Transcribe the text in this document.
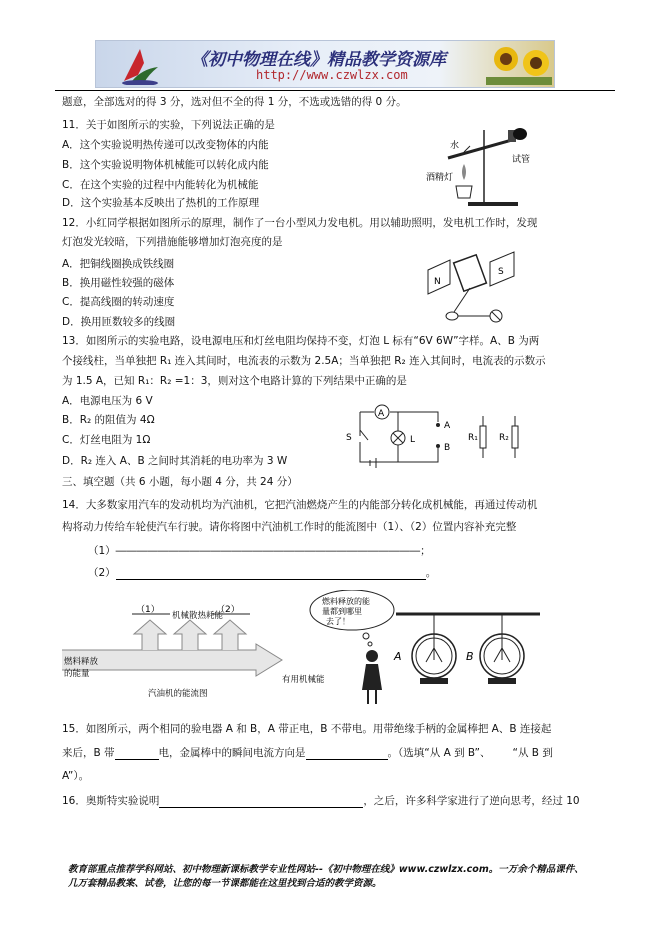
《初中物理在线》精品教学资源库
http://www.czwlzx.com
题意，全部选对的得 3 分，选对但不全的得 1 分，不选或选错的得 0 分。
11．关于如图所示的实验，下列说法正确的是
A．这个实验说明热传递可以改变物体的内能
B．这个实验说明物体机械能可以转化成内能
C．在这个实验的过程中内能转化为机械能
D．这个实验基本反映出了热机的工作原理
12．小红同学根据如图所示的原理，制作了一台小型风力发电机。用以辅助照明，发电机工作时，发现
灯泡发光较暗，下列措施能够增加灯泡亮度的是
A．把铜线圈换成铁线圈
B．换用磁性较强的磁体
C．提高线圈的转动速度
D．换用匝数较多的线圈
13．如图所示的实验电路，设电源电压和灯丝电阻均保持不变，灯泡 L 标有“6V 6W”字样。A、B 为两
个接线柱，当单独把 R₁ 连入其间时，电流表的示数为 2.5A；当单独把 R₂ 连入其间时，电流表的示数示
为 1.5 A，已知 R₁：R₂ =1：3，则对这个电路计算的下列结果中正确的是
A．电源电压为 6 V
B．R₂ 的阻值为 4Ω
C．灯丝电阻为 1Ω
D．R₂ 连入 A、B 之间时其消耗的电功率为 3 W
三、填空题（共 6 小题，每小题 4 分，共 24 分）
14．大多数家用汽车的发动机均为汽油机，它把汽油燃烧产生的内能部分转化成机械能，再通过传动机
构将动力传给车轮使汽车行驶。请你将图中汽油机工作时的能流图中（1）、（2）位置内容补充完整
（1）―――――――――――――――――――――――――――――；
（2）	。
15．如图所示，两个相同的验电器 A 和 B，A 带正电，B 不带电。用带绝缘手柄的金属棒把 A、B 连接起
来后，B 带	电，金属棒中的瞬间电流方向是	。（选填“从 A 到 B”、 “从 B 到
A”）。
16．奥斯特实验说明	，之后，许多科学家进行了逆向思考，经过 10
水
试管
酒精灯
N
S
A
S	L
A
B
R₁ R₂
（1）
机械散热耗能
（2）
燃料释放
的能量
有用机械能
汽油机的能流图
燃料释放的能
量都到哪里
去了！
A	B
教育部重点推荐学科网站、初中物理新课标教学专业性网站--《初中物理在线》www.czwlzx.com。一万余个精品课件、
几万套精品教案、试卷，让您的每一节课都能在这里找到合适的教学资源。
